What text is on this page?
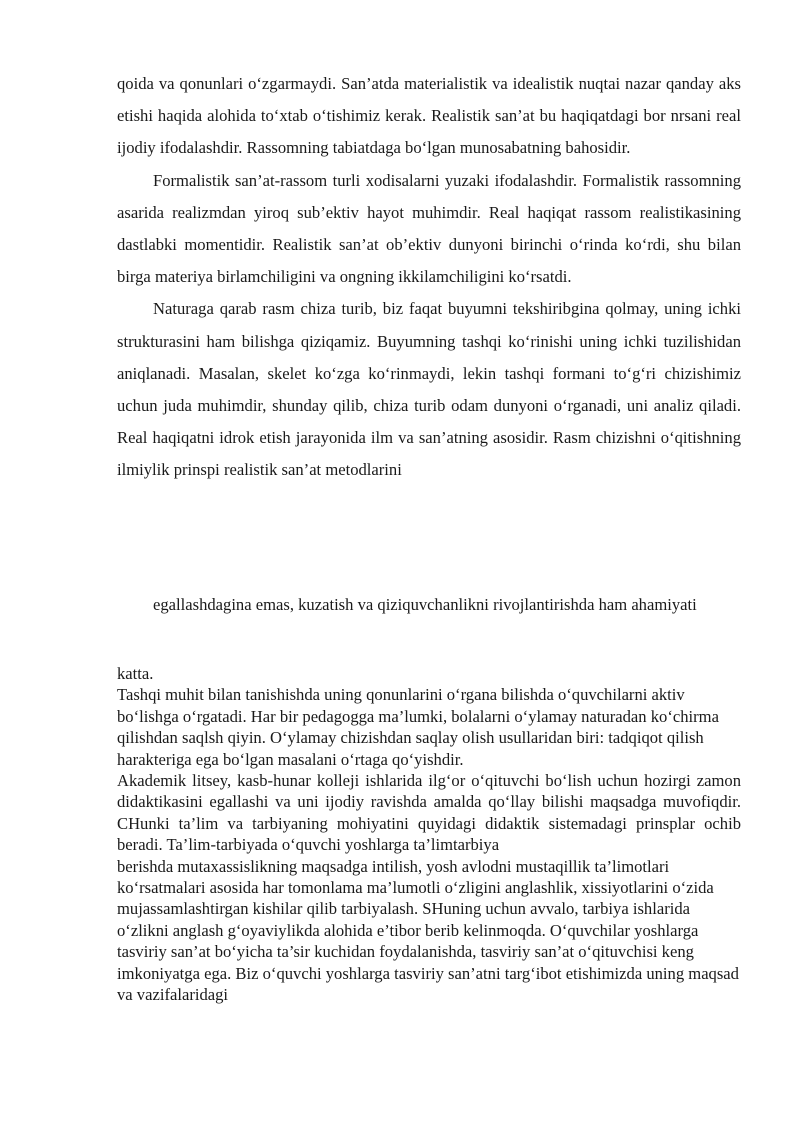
qoida va qonunlari o‘zgarmaydi. San’atda materialistik va idealistik nuqtai nazar qanday aks etishi haqida alohida to‘xtab o‘tishimiz kerak. Realistik san’at bu haqiqatdagi bor nrsani real ijodiy ifodalashdir. Rassomning tabiatdaga bo‘lgan munosabatning bahosidir.

Formalistik san’at-rassom turli xodisalarni yuzaki ifodalashdir. Formalistik rassomning asarida realizmdan yiroq sub’ektiv hayot muhimdir. Real haqiqat rassom realistikasining dastlabki momentidir. Realistik san’at ob’ektiv dunyoni birinchi o‘rinda ko‘rdi, shu bilan birga materiya birlamchiligini va ongning ikkilamchiligini ko‘rsatdi.

Naturaga qarab rasm chiza turib, biz faqat buyumni tekshiribgina qolmay, uning ichki strukturasini ham bilishga qiziqamiz. Buyumning tashqi ko‘rinishi uning ichki tuzilishidan aniqlanadi. Masalan, skelet ko‘zga ko‘rinmaydi, lekin tashqi formani to‘g‘ri chizishimiz uchun juda muhimdir, shunday qilib, chiza turib odam dunyoni o‘rganadi, uni analiz qiladi. Real haqiqatni idrok etish jarayonida ilm va san’atning asosidir. Rasm chizishni o‘qitishning ilmiylik prinspi realistik san’at metodlarini

egallashdagina emas, kuzatish va qiziquvchanlikni rivojlantirishda ham ahamiyati

katta.

Tashqi muhit bilan tanishishda uning qonunlarini o‘rgana bilishda o‘quvchilarni aktiv bo‘lishga o‘rgatadi. Har bir pedagogga ma’lumki, bolalarni o‘ylamay naturadan ko‘chirma qilishdan saqlsh qiyin. O‘ylamay chizishdan saqlay olish usullaridan biri: tadqiqot qilish harakteriga ega bo‘lgan masalani o‘rtaga qo‘yishdir.

Akademik litsey, kasb-hunar kolleji ishlarida ilg‘or o‘qituvchi bo‘lish uchun hozirgi zamon didaktikasini egallashi va uni ijodiy ravishda amalda qo‘llay bilishi maqsadga muvofiqdir. CHunki ta’lim va tarbiyaning mohiyatini quyidagi didaktik sistemadagi prinsplar ochib beradi. Ta’lim-tarbiyada o‘quvchi yoshlarga ta’limtarbiya

berishda mutaxassislikning maqsadga intilish, yosh avlodni mustaqillik ta’limotlari ko‘rsatmalari asosida har tomonlama ma’lumotli o‘zligini anglashlik, xissiyotlarini o‘zida mujassamlashtirgan kishilar qilib tarbiyalash. SHuning uchun avvalo, tarbiya ishlarida o‘zlikni anglash g‘oyaviylikda alohida e’tibor berib kelinmoqda. O‘quvchilar yoshlarga tasviriy san’at bo‘yicha ta’sir kuchidan foydalanishda, tasviriy san’at o‘qituvchisi keng imkoniyatga ega. Biz o‘quvchi yoshlarga tasviriy san’atni targ‘ibot etishimizda uning maqsad va vazifalaridagi
